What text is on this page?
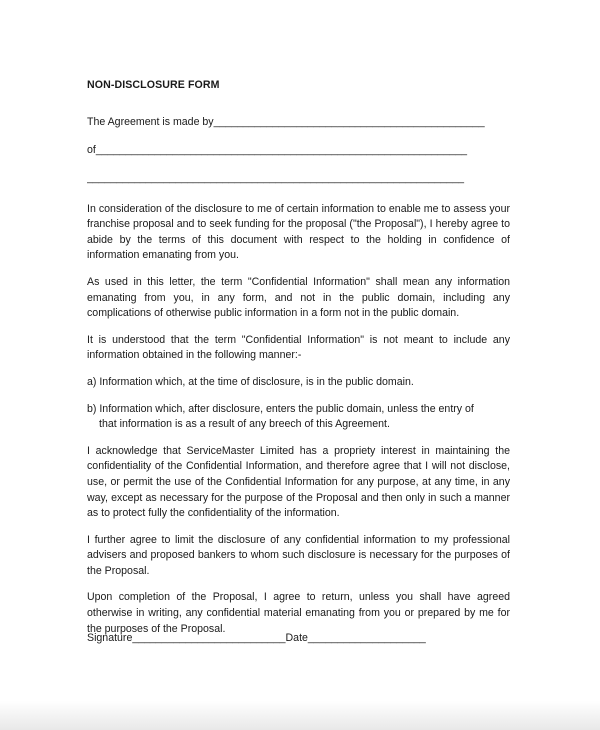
NON-DISCLOSURE FORM
The Agreement is made by______________________________________________
of_______________________________________________________________
________________________________________________________________

In consideration of the disclosure to me of certain information to enable me to assess your franchise proposal and to seek funding for the proposal ("the Proposal"), I hereby agree to abide by the terms of this document with respect to the holding in confidence of information emanating from you.

As used in this letter, the term "Confidential Information" shall mean any information emanating from you, in any form, and not in the public domain, including any complications of otherwise public information in a form not in the public domain.

It is understood that the term "Confidential Information" is not meant to include any information obtained in the following manner:-

a) Information which, at the time of disclosure, is in the public domain.
b) Information which, after disclosure, enters the public domain, unless the entry of
that information is as a result of any breech of this Agreement.

I acknowledge that ServiceMaster Limited has a propriety interest in maintaining the confidentiality of the Confidential Information, and therefore agree that I will not disclose, use, or permit the use of the Confidential Information for any purpose, at any time, in any way, except as necessary for the purpose of the Proposal and then only in such a manner as to protect fully the confidentiality of the information.

I further agree to limit the disclosure of any confidential information to my professional advisers and proposed bankers to whom such disclosure is necessary for the purposes of the Proposal.

Upon completion of the Proposal, I agree to return, unless you shall have agreed otherwise in writing, any confidential material emanating from you or prepared by me for the purposes of the Proposal.

Signature__________________________Date____________________
